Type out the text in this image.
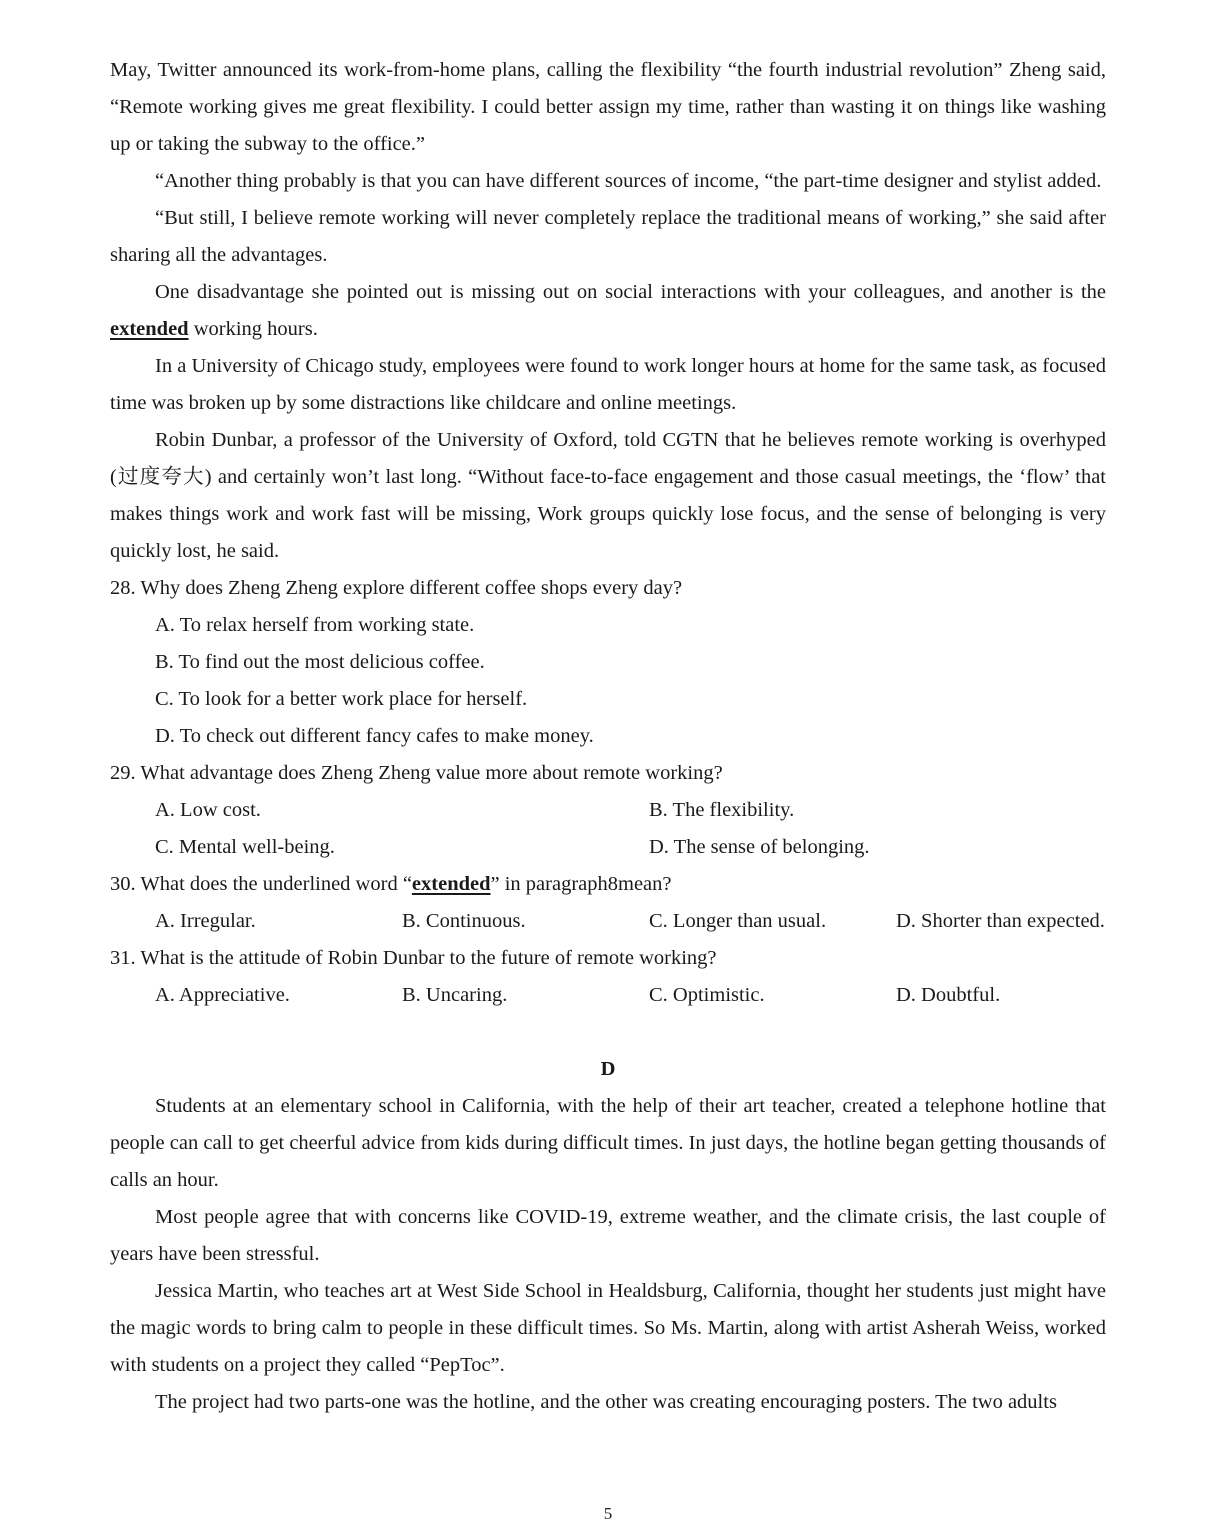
May, Twitter announced its work-from-home plans, calling the flexibility “the fourth industrial revolution” Zheng said, “Remote working gives me great flexibility. I could better assign my time, rather than wasting it on things like washing up or taking the subway to the office.”
“Another thing probably is that you can have different sources of income, “the part-time designer and stylist added.
“But still, I believe remote working will never completely replace the traditional means of working,” she said after sharing all the advantages.
One disadvantage she pointed out is missing out on social interactions with your colleagues, and another is the extended working hours.
In a University of Chicago study, employees were found to work longer hours at home for the same task, as focused time was broken up by some distractions like childcare and online meetings.
Robin Dunbar, a professor of the University of Oxford, told CGTN that he believes remote working is overhyped (过度夸大) and certainly won’t last long. “Without face-to-face engagement and those casual meetings, the ‘flow’ that makes things work and work fast will be missing, Work groups quickly lose focus, and the sense of belonging is very quickly lost, he said.
28. Why does Zheng Zheng explore different coffee shops every day?
A. To relax herself from working state.
B. To find out the most delicious coffee.
C. To look for a better work place for herself.
D. To check out different fancy cafes to make money.
29. What advantage does Zheng Zheng value more about remote working?
A. Low cost.	B. The flexibility.
C. Mental well-being.	D. The sense of belonging.
30. What does the underlined word “extended” in paragraph8mean?
A. Irregular.	B. Continuous.	C. Longer than usual.	D. Shorter than expected.
31. What is the attitude of Robin Dunbar to the future of remote working?
A. Appreciative.	B. Uncaring.	C. Optimistic.	D. Doubtful.
D
Students at an elementary school in California, with the help of their art teacher, created a telephone hotline that people can call to get cheerful advice from kids during difficult times. In just days, the hotline began getting thousands of calls an hour.
Most people agree that with concerns like COVID-19, extreme weather, and the climate crisis, the last couple of years have been stressful.
Jessica Martin, who teaches art at West Side School in Healdsburg, California, thought her students just might have the magic words to bring calm to people in these difficult times. So Ms. Martin, along with artist Asherah Weiss, worked with students on a project they called “PepToc”.
The project had two parts-one was the hotline, and the other was creating encouraging posters. The two adults
5
